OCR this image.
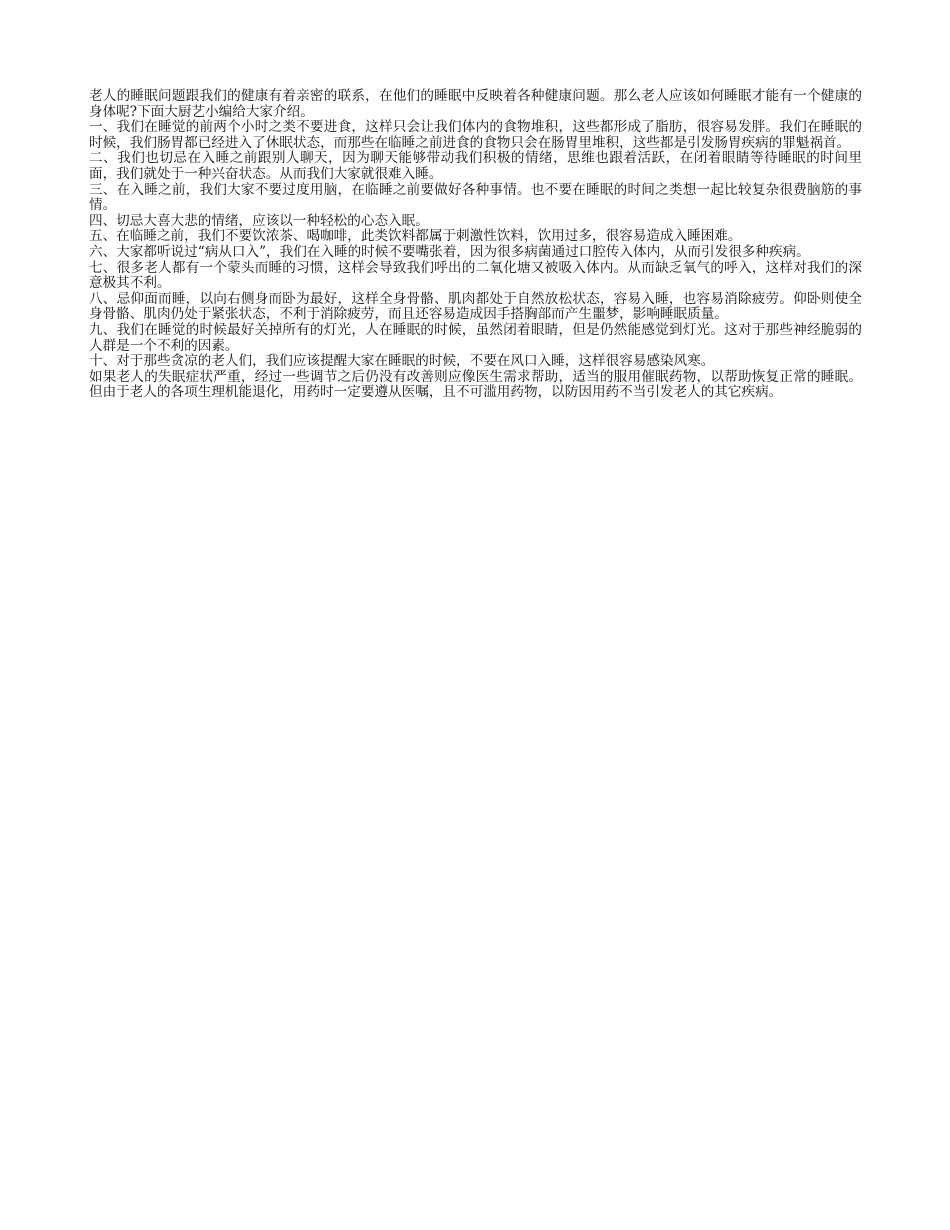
老人的睡眠问题跟我们的健康有着亲密的联系，在他们的睡眠中反映着各种健康问题。那么老人应该如何睡眠才能有一个健康的身体呢?下面大厨艺小编给大家介绍。

一、我们在睡觉的前两个小时之类不要进食，这样只会让我们体内的食物堆积，这些都形成了脂肪，很容易发胖。我们在睡眠的时候，我们肠胃都已经进入了休眠状态，而那些在临睡之前进食的食物只会在肠胃里堆积，这些都是引发肠胃疾病的罪魁祸首。

二、我们也切忌在入睡之前跟别人聊天，因为聊天能够带动我们积极的情绪，思维也跟着活跃，在闭着眼睛等待睡眠的时间里面，我们就处于一种兴奋状态。从而我们大家就很难入睡。

三、在入睡之前，我们大家不要过度用脑，在临睡之前要做好各种事情。也不要在睡眠的时间之类想一起比较复杂很费脑筋的事情。

四、切忌大喜大悲的情绪，应该以一种轻松的心态入眠。

五、在临睡之前，我们不要饮浓茶、喝咖啡，此类饮料都属于刺激性饮料，饮用过多，很容易造成入睡困难。

六、大家都听说过“病从口入”，我们在入睡的时候不要嘴张着，因为很多病菌通过口腔传入体内，从而引发很多种疾病。

七、很多老人都有一个蒙头而睡的习惯，这样会导致我们呼出的二氧化塘又被吸入体内。从而缺乏氧气的呼入，这样对我们的深意极其不利。

八、忌仰面而睡，以向右侧身而卧为最好，这样全身骨骼、肌肉都处于自然放松状态，容易入睡，也容易消除疲劳。仰卧则使全身骨骼、肌肉仍处于紧张状态，不利于消除疲劳，而且还容易造成因手搭胸部而产生噩梦，影响睡眠质量。

九、我们在睡觉的时候最好关掉所有的灯光，人在睡眠的时候，虽然闭着眼睛，但是仍然能感觉到灯光。这对于那些神经脆弱的人群是一个不利的因素。

十、对于那些贪凉的老人们，我们应该提醒大家在睡眠的时候，不要在风口入睡，这样很容易感染风寒。

如果老人的失眠症状严重，经过一些调节之后仍没有改善则应像医生需求帮助，适当的服用催眠药物，以帮助恢复正常的睡眠。但由于老人的各项生理机能退化，用药时一定要遵从医嘱，且不可滥用药物，以防因用药不当引发老人的其它疾病。
